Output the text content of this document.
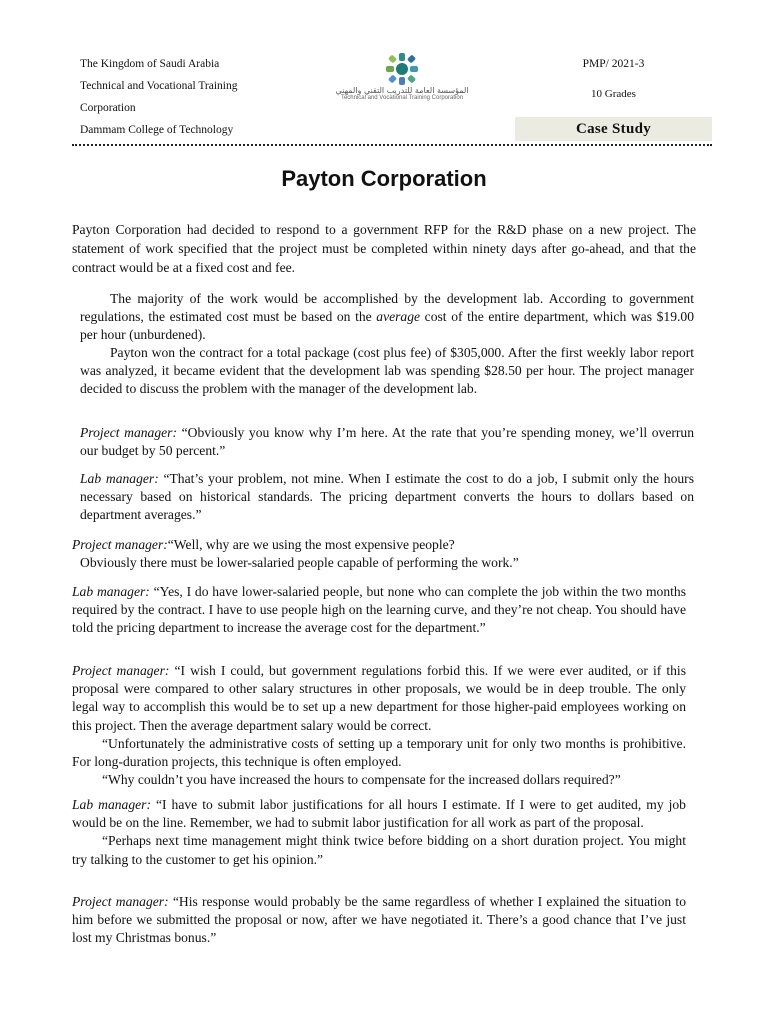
The Kingdom of Saudi Arabia
Technical and Vocational Training
Corporation
Dammam College of Technology
المؤسسة العامة للتدريب التقني والمهني
Technical and Vocational Training Corporation
PMP/ 2021-3
10 Grades
Case Study
Payton Corporation

Payton Corporation had decided to respond to a government RFP for the R&D phase on a new project. The statement of work specified that the project must be completed within ninety days after go-ahead, and that the contract would be at a fixed cost and fee.

The majority of the work would be accomplished by the development lab. According to government regulations, the estimated cost must be based on the average cost of the entire department, which was $19.00 per hour (unburdened).

Payton won the contract for a total package (cost plus fee) of $305,000. After the first weekly labor report was analyzed, it became evident that the development lab was spending $28.50 per hour. The project manager decided to discuss the problem with the manager of the development lab.

Project manager: “Obviously you know why I’m here. At the rate that you’re spending money, we’ll overrun our budget by 50 percent.”

Lab manager: “That’s your problem, not mine. When I estimate the cost to do a job, I submit only the hours necessary based on historical standards. The pricing department converts the hours to dollars based on department averages.”

Project manager:“Well, why are we using the most expensive people?

Obviously there must be lower-salaried people capable of performing the work.”

Lab manager: “Yes, I do have lower-salaried people, but none who can complete the job within the two months required by the contract. I have to use people high on the learning curve, and they’re not cheap. You should have told the pricing department to increase the average cost for the department.”

Project manager: “I wish I could, but government regulations forbid this. If we were ever audited, or if this proposal were compared to other salary structures in other proposals, we would be in deep trouble. The only legal way to accomplish this would be to set up a new department for those higher-paid employees working on this project. Then the average department salary would be correct.

“Unfortunately the administrative costs of setting up a temporary unit for only two months is prohibitive. For long-duration projects, this technique is often employed.

“Why couldn’t you have increased the hours to compensate for the increased dollars required?”

Lab manager: “I have to submit labor justifications for all hours I estimate. If I were to get audited, my job would be on the line. Remember, we had to submit labor justification for all work as part of the proposal.

“Perhaps next time management might think twice before bidding on a short duration project. You might try talking to the customer to get his opinion.”

Project manager: “His response would probably be the same regardless of whether I explained the situation to him before we submitted the proposal or now, after we have negotiated it. There’s a good chance that I’ve just lost my Christmas bonus.”
